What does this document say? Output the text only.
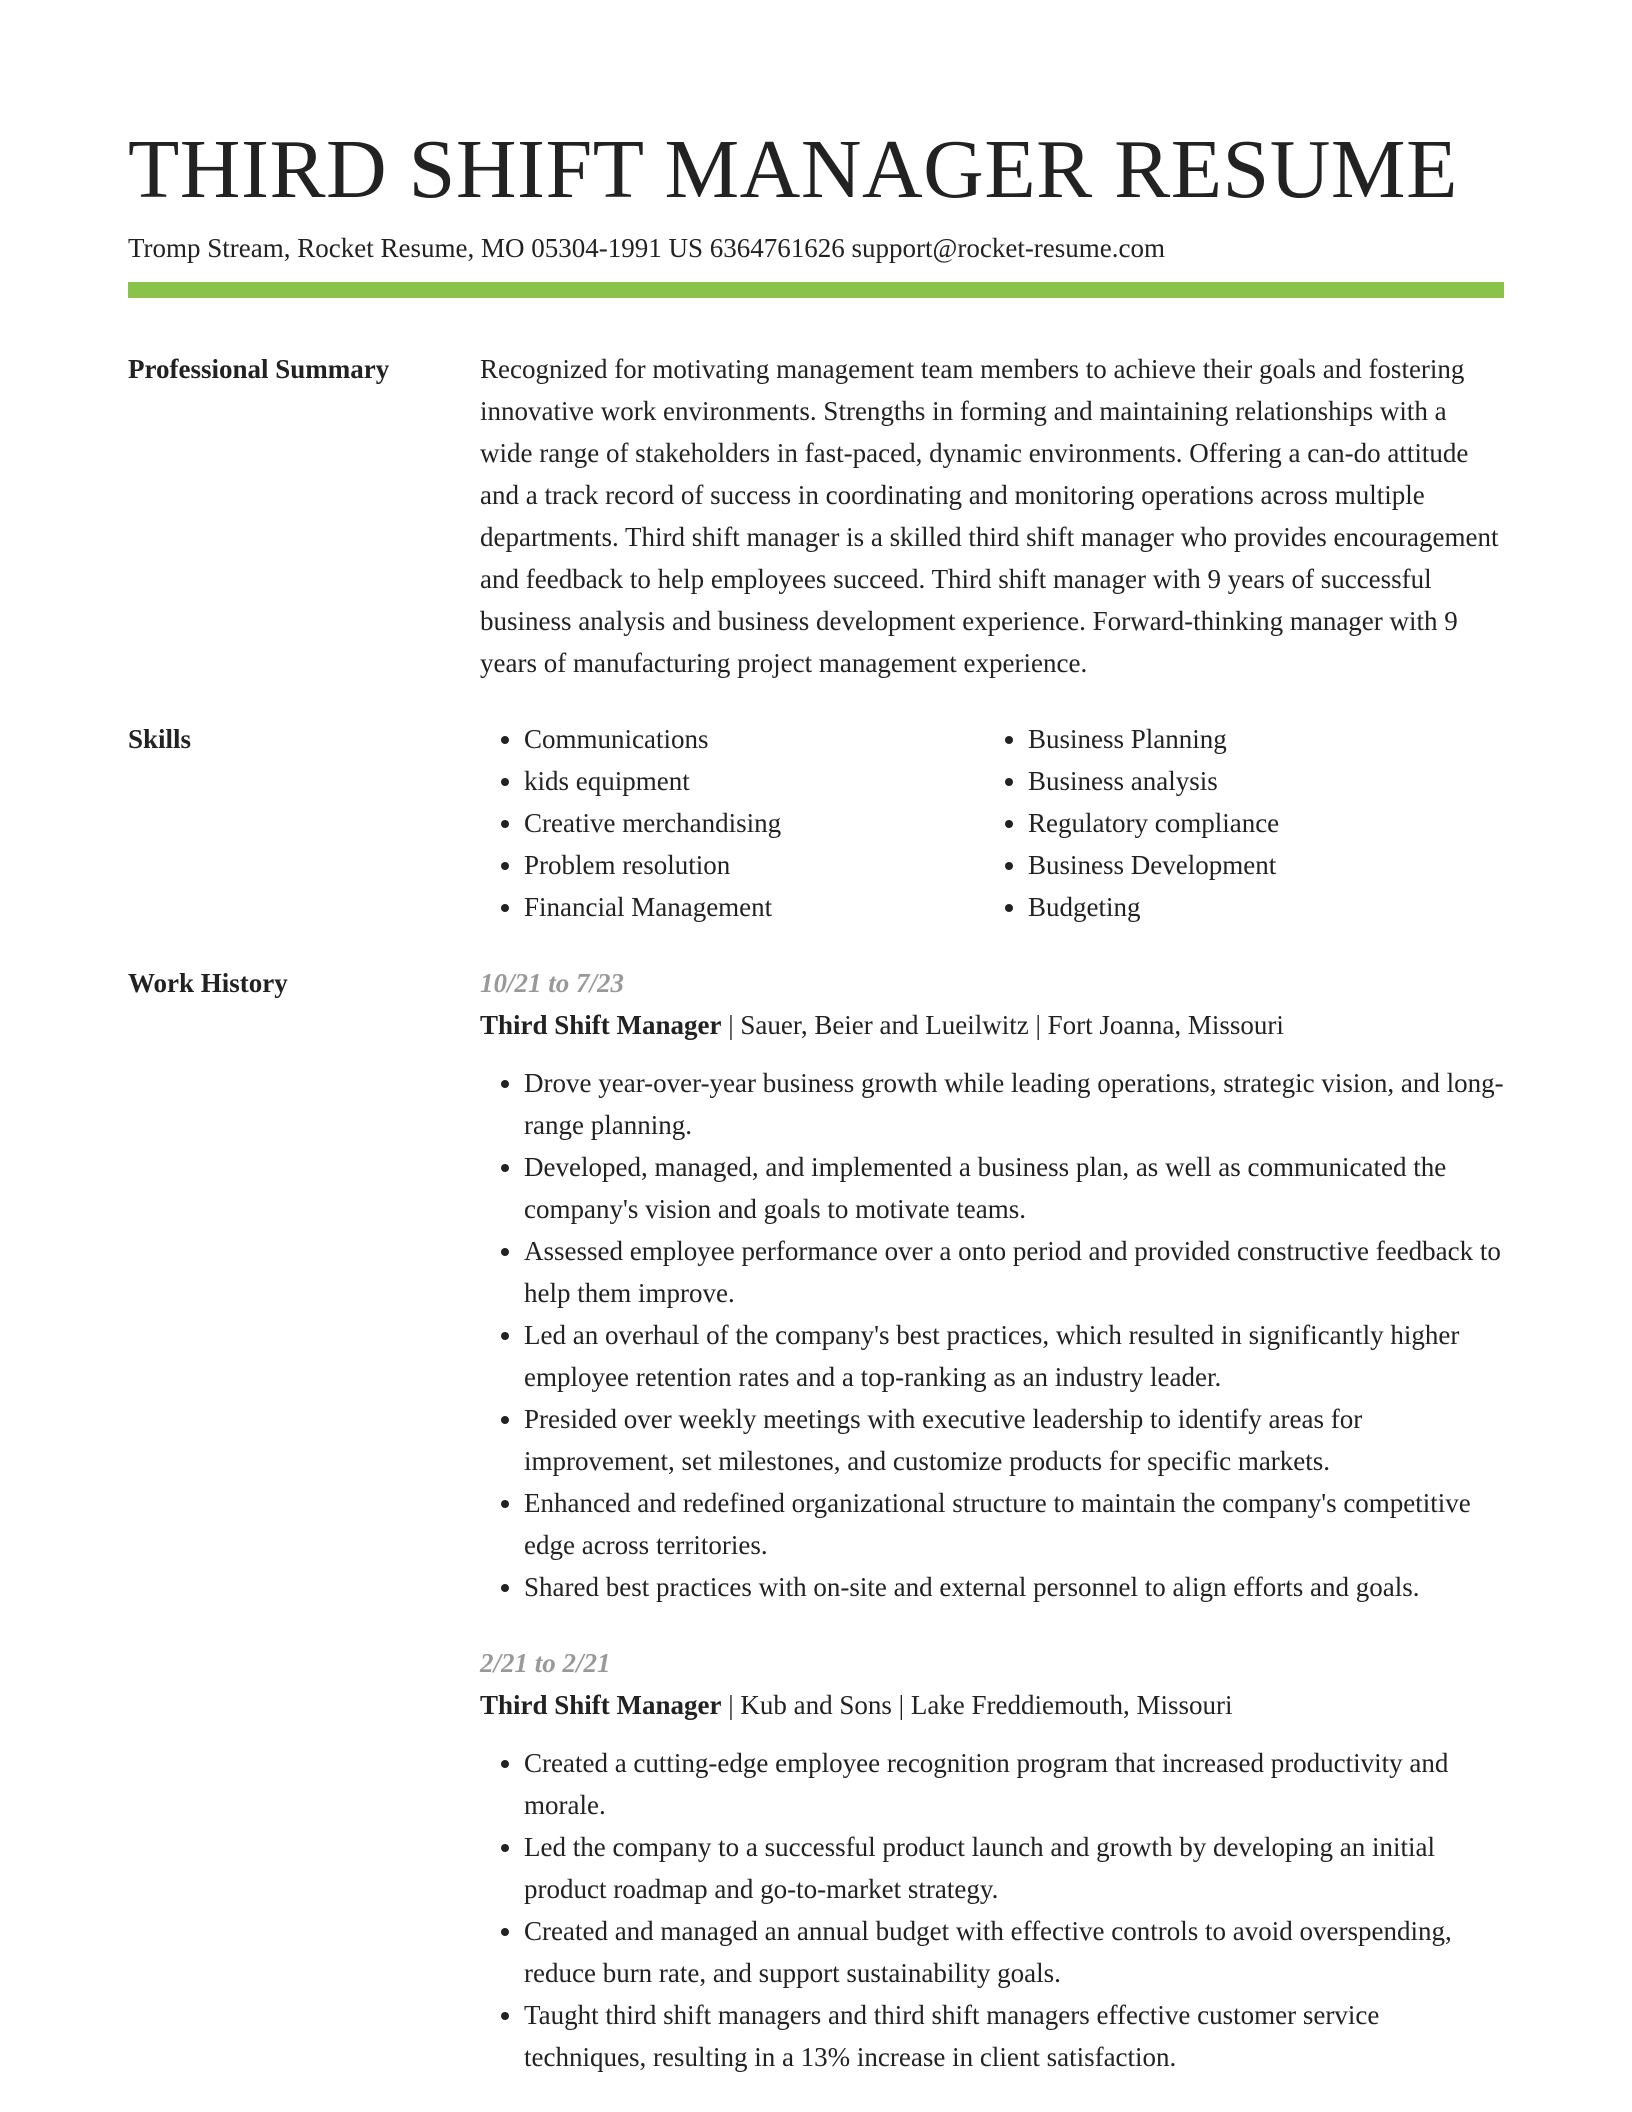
THIRD SHIFT MANAGER RESUME
Tromp Stream, Rocket Resume, MO 05304-1991 US 6364761626 support@rocket-resume.com
Professional Summary	Recognized for motivating management team members to achieve their goals and fostering innovative work environments. Strengths in forming and maintaining relationships with a wide range of stakeholders in fast-paced, dynamic environments. Offering a can-do attitude and a track record of success in coordinating and monitoring operations across multiple departments. Third shift manager is a skilled third shift manager who provides encouragement and feedback to help employees succeed. Third shift manager with 9 years of successful business analysis and business development experience. Forward-thinking manager with 9 years of manufacturing project management experience.

Skills
•	Communications
• kids equipment
• Creative merchandising
• Problem resolution
• Financial Management
• Business Planning
• Business analysis
• Regulatory compliance
• Business Development
• Budgeting
Work History	10/21 to 7/23
Third Shift Manager | Sauer, Beier and Lueilwitz | Fort Joanna, Missouri
• Drove year-over-year business growth while leading operations, strategic vision, and long-range planning.
• Developed, managed, and implemented a business plan, as well as communicated the company's vision and goals to motivate teams.
• Assessed employee performance over a onto period and provided constructive feedback to help them improve.
• Led an overhaul of the company's best practices, which resulted in significantly higher employee retention rates and a top-ranking as an industry leader.
• Presided over weekly meetings with executive leadership to identify areas for improvement, set milestones, and customize products for specific markets.
• Enhanced and redefined organizational structure to maintain the company's competitive edge across territories.
• Shared best practices with on-site and external personnel to align efforts and goals.
2/21 to 2/21
Third Shift Manager | Kub and Sons | Lake Freddiemouth, Missouri
• Created a cutting-edge employee recognition program that increased productivity and morale.
• Led the company to a successful product launch and growth by developing an initial product roadmap and go-to-market strategy.
• Created and managed an annual budget with effective controls to avoid overspending, reduce burn rate, and support sustainability goals.
• Taught third shift managers and third shift managers effective customer service techniques, resulting in a 13% increase in client satisfaction.
